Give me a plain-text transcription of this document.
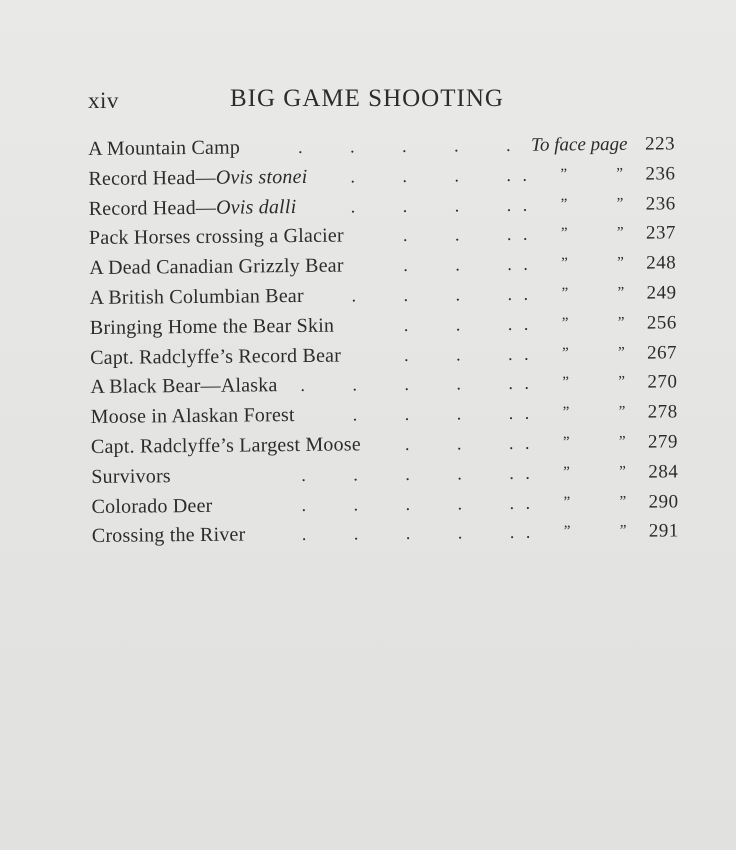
xiv	BIG GAME SHOOTING
A Mountain Camp	.	.	.	.	. To face page 223
Record Head—Ovis stonei .	.	.	. . ”	” 236
Record Head—Ovis dalli	.	.	.	. . ”	” 236
Pack Horses crossing a Glacier	.	.	. . ”	” 237
A Dead Canadian Grizzly Bear	.	.	. . ”	” 248
A British Columbian Bear	.	.	.	. . ”	” 249
Bringing Home the Bear Skin	.	.	. . ”	” 256
Capt. Radclyffe’s Record Bear	.	.	. . ”	” 267
A Black Bear—Alaska .	.	.	.	. . ”	” 270
Moose in Alaskan Forest	.	.	.	. . ”	” 278
Capt. Radclyffe’s Largest Moose .	.	. . ”	” 279
Survivors	.	.	.	.	. . ”	” 284
Colorado Deer	.	.	.	.	. . ”	” 290
Crossing the River	.	.	.	.	. . ”	” 291
